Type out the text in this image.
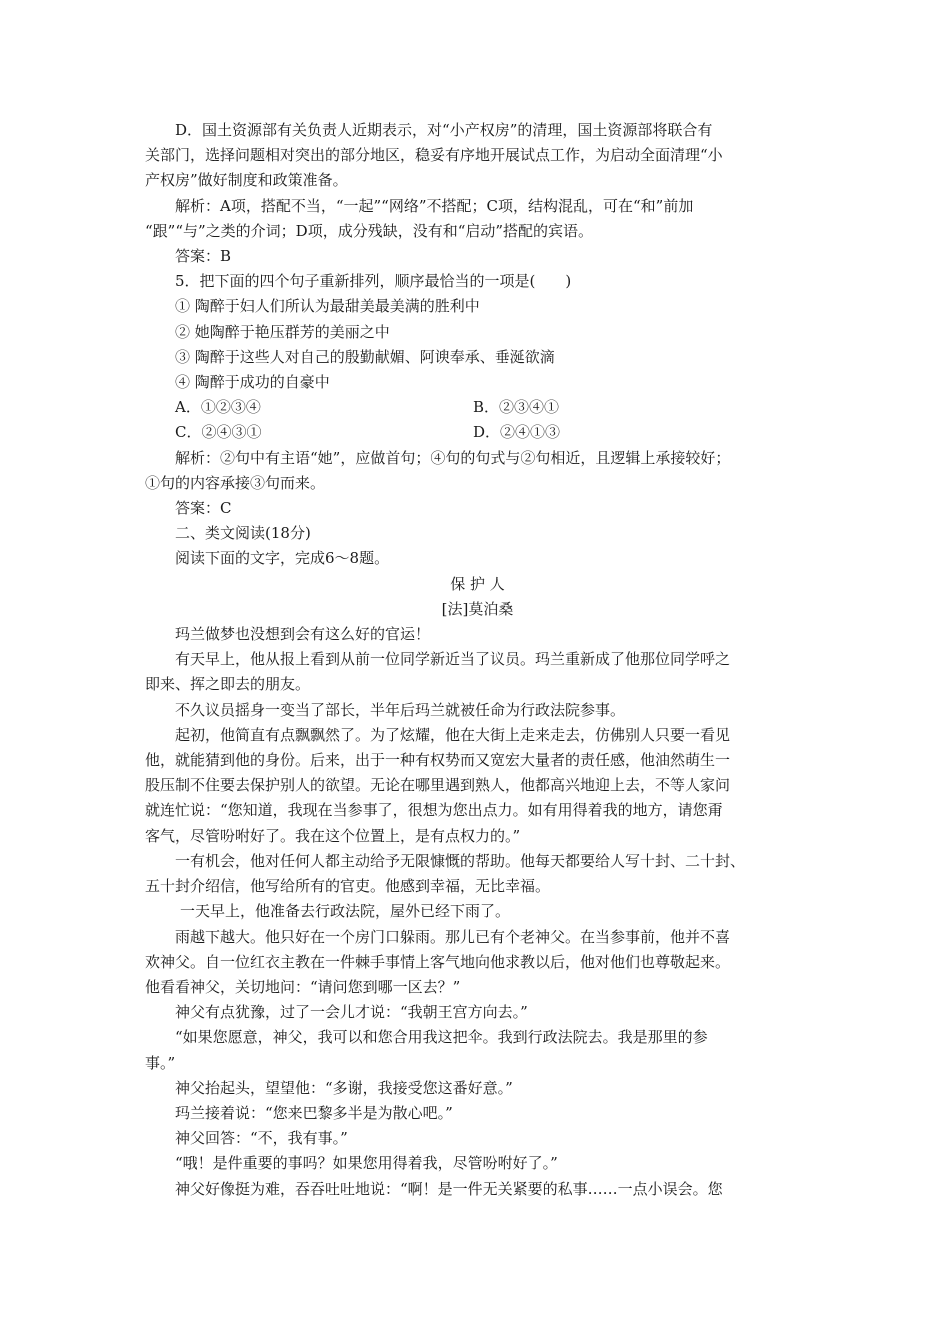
D．国土资源部有关负责人近期表示，对“小产权房”的清理，国土资源部将联合有

关部门，选择问题相对突出的部分地区，稳妥有序地开展试点工作，为启动全面清理“小

产权房”做好制度和政策准备。

解析：A项，搭配不当，“一起”“网络”不搭配；C项，结构混乱，可在“和”前加

“跟”“与”之类的介词；D项，成分残缺，没有和“启动”搭配的宾语。

答案：B

5．把下面的四个句子重新排列，顺序最恰当的一项是(　　)

① 陶醉于妇人们所认为最甜美最美满的胜利中

② 她陶醉于艳压群芳的美丽之中

③ 陶醉于这些人对自己的殷勤献媚、阿谀奉承、垂涎欲滴

④ 陶醉于成功的自豪中

A．①②③④	B．②③④①
C．②④③①	D．②④①③

解析：②句中有主语“她”，应做首句；④句的句式与②句相近，且逻辑上承接较好；

①句的内容承接③句而来。

答案：C

二、类文阅读(18分)

阅读下面的文字，完成6～8题。

保 护 人

[法]莫泊桑

玛兰做梦也没想到会有这么好的官运！

有天早上，他从报上看到从前一位同学新近当了议员。玛兰重新成了他那位同学呼之

即来、挥之即去的朋友。

不久议员摇身一变当了部长，半年后玛兰就被任命为行政法院参事。

起初，他简直有点飘飘然了。为了炫耀，他在大街上走来走去，仿佛别人只要一看见

他，就能猜到他的身份。后来，出于一种有权势而又宽宏大量者的责任感，他油然萌生一

股压制不住要去保护别人的欲望。无论在哪里遇到熟人，他都高兴地迎上去，不等人家问

就连忙说：“您知道，我现在当参事了，很想为您出点力。如有用得着我的地方，请您甭

客气，尽管吩咐好了。我在这个位置上，是有点权力的。”

一有机会，他对任何人都主动给予无限慷慨的帮助。他每天都要给人写十封、二十封、

五十封介绍信，他写给所有的官吏。他感到幸福，无比幸福。

一天早上，他准备去行政法院，屋外已经下雨了。

雨越下越大。他只好在一个房门口躲雨。那儿已有个老神父。在当参事前，他并不喜

欢神父。自一位红衣主教在一件棘手事情上客气地向他求教以后，他对他们也尊敬起来。

他看看神父，关切地问：“请问您到哪一区去？”

神父有点犹豫，过了一会儿才说：“我朝王宫方向去。”

“如果您愿意，神父，我可以和您合用我这把伞。我到行政法院去。我是那里的参

事。”

神父抬起头，望望他：“多谢，我接受您这番好意。”

玛兰接着说：“您来巴黎多半是为散心吧。”

神父回答：“不，我有事。”

“哦！是件重要的事吗？如果您用得着我，尽管吩咐好了。”

神父好像挺为难，吞吞吐吐地说：“啊！是一件无关紧要的私事……一点小误会。您
